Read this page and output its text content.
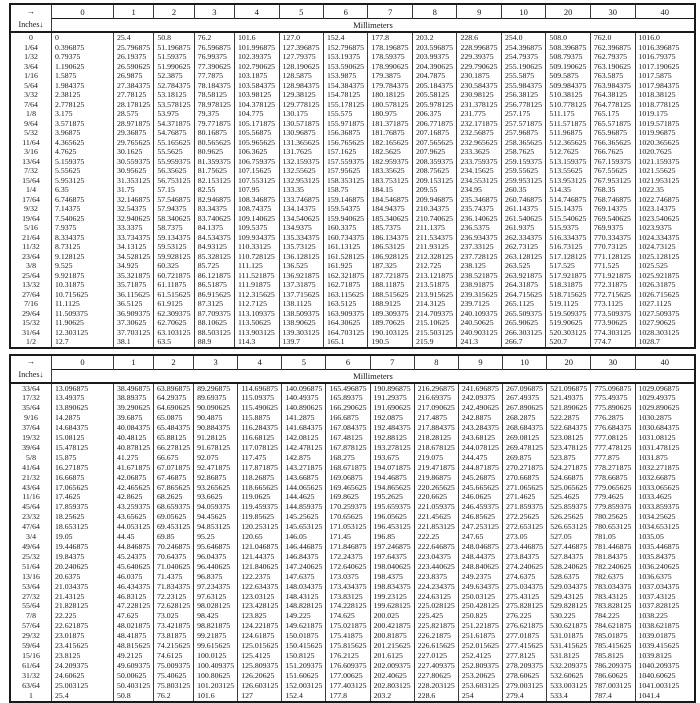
→
Inches↓	0	1	2	3	4	5	6	7	8	9	10	20	30	40
	Millimeters													
0	0	25.4	50.8	76.2	101.6	127.0	152.4	177.8	203.2	228.6	254.0	508.0	762.0	1016.0
1/64	0.396875	25.796875	51.196875	76.596875	101.996875	127.396875	152.796875	178.196875	203.596875	228.996875	254.396875	508.396875	762.396875	1016.396875
1/32	0.79375	26.19375	51.59375	76.99375	102.39375	127.79375	153.19375	178.59375	203.99375	229.39375	254.79375	508.79375	762.79375	1016.79375
3/64	1.190625	26.590625	51.990625	77.390625	102.790625	128.190625	153.590625	178.990625	204.390625	229.790625	255.190625	509.190625	763.190625	1017.190625
1/16	1.5875	26.9875	52.3875	77.7875	103.1875	128.5875	153.9875	179.3875	204.7875	230.1875	255.5875	509.5875	763.5875	1017.5875
5/64	1.984375	27.384375	52.784375	78.184375	103.584375	128.984375	154.384375	179.784375	205.184375	230.584375	255.984375	509.984375	763.984375	1017.984375
3/32	2.38125	27.78125	53.18125	78.58125	103.98125	129.38125	154.78125	180.18125	205.58125	230.98125	256.38125	510.38125	764.38125	1018.38125
7/64	2.778125	28.178125	53.578125	78.978125	104.378125	129.778125	155.178125	180.578125	205.978125	231.378125	256.778125	510.778125	764.778125	1018.778125
1/8	3.175	28.575	53.975	79.375	104.775	130.175	155.575	180.975	206.375	231.775	257.175	511.175	765.175	1019.175
9/64	3.571875	28.971875	54.371875	79.771875	105.171875	130.571875	155.971875	181.371875	206.771875	232.171875	257.571875	511.571875	765.571875	1019.571875
5/32	3.96875	29.36875	54.76875	80.16875	105.56875	130.96875	156.36875	181.76875	207.16875	232.56875	257.96875	511.96875	765.96875	1019.96875
11/64	4.365625	29.765625	55.165625	80.565625	105.965625	131.365625	156.765625	182.165625	207.565625	232.965625	258.365625	512.365625	766.365625	1020.365625
3/16	4.7625	30.1625	55.5625	80.9625	106.3625	131.7625	157.1625	182.5625	207.9625	233.3625	258.7625	512.7625	766.7625	1020.7625
13/64	5.159375	30.559375	55.959375	81.359375	106.759375	132.159375	157.559375	182.959375	208.359375	233.759375	259.159375	513.159375	767.159375	1021.159375
7/32	5.55625	30.95625	56.35625	81.75625	107.15625	132.55625	157.95625	183.35625	208.75625	234.15625	259.55625	513.55625	767.55625	1021.55625
15/64	5.953125	31.353125	56.753125	82.153125	107.553125	132.953125	158.353125	183.753125	209.153125	234.553125	259.953125	513.953125	767.953125	1021.953125
1/4	6.35	31.75	57.15	82.55	107.95	133.35	158.75	184.15	209.55	234.95	260.35	514.35	768.35	1022.35
17/64	6.746875	32.146875	57.546875	82.946875	108.346875	133.746875	159.146875	184.546875	209.946875	235.346875	260.746875	514.746875	768.746875	1022.746875
9/32	7.14375	32.54375	57.94375	83.34375	108.74375	134.14375	159.54375	184.94375	210.34375	235.74375	261.14375	515.14375	769.14375	1023.14375
19/64	7.540625	32.940625	58.340625	83.740625	109.140625	134.540625	159.940625	185.340625	210.740625	236.140625	261.540625	515.540625	769.540625	1023.540625
5/16	7.9375	33.3375	58.7375	84.1375	109.5375	134.9375	160.3375	185.7375	211.1375	236.5375	261.9375	515.9375	769.9375	1023.9375
21/64	8.334375	33.734375	59.134375	84.534375	109.934375	135.334375	160.734375	186.134375	211.534375	236.934375	262.334375	516.334375	770.334375	1024.334375
11/32	8.73125	34.13125	59.53125	84.93125	110.33125	135.73125	161.13125	186.53125	211.93125	237.33125	262.73125	516.73125	770.73125	1024.73125
23/64	9.128125	34.528125	59.928125	85.328125	110.728125	136.128125	161.528125	186.928125	212.328125	237.728125	263.128125	517.128125	771.128125	1025.128125
3/8	9.525	34.925	60.325	85.725	111.125	136.525	161.925	187.325	212.725	238.125	263.525	517.525	771.525	1025.525
25/64	9.921875	35.321875	60.721875	86.121875	111.521875	136.921875	162.321875	187.721875	213.121875	238.521875	263.921875	517.921875	771.921875	1025.921875
13/32	10.31875	35.71875	61.11875	86.51875	111.91875	137.31875	162.71875	188.11875	213.51875	238.91875	264.31875	518.31875	772.31875	1026.31875
27/64	10.715625	36.115625	61.515625	86.915625	112.315625	137.715625	163.115625	188.515625	213.915625	239.315625	264.715625	518.715625	772.715625	1026.715625
7/16	11.1125	36.5125	61.9125	87.3125	112.7125	138.1125	163.5125	188.9125	214.3125	239.7125	265.1125	519.1125	773.1125	1027.1125
29/64	11.509375	36.909375	62.309375	87.709375	113.109375	138.509375	163.909375	189.309375	214.709375	240.109375	265.509375	519.509375	773.509375	1027.509375
15/32	11.90625	37.30625	62.70625	88.10625	113.50625	138.90625	164.30625	189.70625	215.10625	240.50625	265.90625	519.90625	773.90625	1027.90625
31/64	12.303125	37.703125	63.103125	88.503125	113.903125	139.303125	164.703125	190.103125	215.503125	240.903125	266.303125	520.303125	774.303125	1028.303125
1/2	12.7	38.1	63.5	88.9	114.3	139.7	165.1	190.5	215.9	241.3	266.7	520.7	774.7	1028.7
→
Inches↓	0	1	2	3	4	5	6	7	8	9	10	20	30	40
	Millimeters													
33/64	13.096875	38.496875	63.896875	89.296875	114.696875	140.096875	165.496875	190.896875	216.296875	241.696875	267.096875	521.096875	775.096875	1029.096875
17/32	13.49375	38.89375	64.29375	89.69375	115.09375	140.49375	165.89375	191.29375	216.69375	242.09375	267.49375	521.49375	775.49375	1029.49375
35/64	13.890625	39.290625	64.690625	90.090625	115.490625	140.890625	166.290625	191.690625	217.090625	242.490625	267.890625	521.890625	775.890625	1029.890625
9/16	14.2875	39.6875	65.0875	90.4875	115.8875	141.2875	166.6875	192.0875	217.4875	242.8875	268.2875	522.2875	776.2875	1030.2875
37/64	14.684375	40.084375	65.484375	90.884375	116.284375	141.684375	167.084375	192.484375	217.884375	243.284375	268.684375	522.684375	776.684375	1030.684375
19/32	15.08125	40.48125	65.88125	91.28125	116.68125	142.08125	167.48125	192.88125	218.28125	243.68125	269.08125	523.08125	777.08125	1031.08125
39/64	15.478125	40.878125	66.278125	91.678125	117.078125	142.478125	167.878125	193.278125	218.678125	244.078125	269.478125	523.478125	777.478125	1031.478125
5/8	15.875	41.275	66.675	92.075	117.475	142.875	168.275	193.675	219.075	244.475	269.875	523.875	777.875	1031.875
41/64	16.271875	41.671875	67.071875	92.471875	117.871875	143.271875	168.671875	194.071875	219.471875	244.871875	270.271875	524.271875	778.271875	1032.271875
21/32	16.66875	42.06875	67.46875	92.86875	118.26875	143.66875	169.06875	194.46875	219.86875	245.26875	270.66875	524.66875	778.66875	1032.66875
43/64	17.065625	42.465625	67.865625	93.265625	118.665625	144.065625	169.465625	194.865625	220.265625	245.665625	271.065625	525.065625	779.065625	1033.065625
11/16	17.4625	42.8625	68.2625	93.6625	119.0625	144.4625	169.8625	195.2625	220.6625	246.0625	271.4625	525.4625	779.4625	1033.4625
45/64	17.859375	43.259375	68.659375	94.059375	119.459375	144.859375	170.259375	195.659375	221.059375	246.459375	271.859375	525.859375	779.859375	1033.859375
23/32	18.25625	43.65625	69.05625	94.45625	119.85625	145.25625	170.65625	196.05625	221.45625	246.85625	272.25625	526.25625	780.25625	1034.25625
47/64	18.653125	44.053125	69.453125	94.853125	120.253125	145.653125	171.053125	196.453125	221.853125	247.253125	272.653125	526.653125	780.653125	1034.653125
3/4	19.05	44.45	69.85	95.25	120.65	146.05	171.45	196.85	222.25	247.65	273.05	527.05	781.05	1035.05
49/64	19.446875	44.846875	70.246875	95.646875	121.046875	146.446875	171.846875	197.246875	222.646875	248.046875	273.446875	527.446875	781.446875	1035.446875
25/32	19.84375	45.24375	70.64375	96.04375	121.44375	146.84375	172.24375	197.64375	223.04375	248.44375	273.84375	527.84375	781.84375	1035.84375
51/64	20.240625	45.640625	71.040625	96.440625	121.840625	147.240625	172.640625	198.040625	223.440625	248.840625	274.240625	528.240625	782.240625	1036.240625
13/16	20.6375	46.0375	71.4375	96.8375	122.2375	147.6375	173.0375	198.4375	223.8375	249.2375	274.6375	528.6375	782.6375	1036.6375
53/64	21.034375	46.434375	71.834375	97.234375	122.634375	148.034375	173.434375	198.834375	224.234375	249.634375	275.034375	529.034375	783.034375	1037.034375
27/32	21.43125	46.83125	72.23125	97.63125	123.03125	148.43125	173.83125	199.23125	224.63125	250.03125	275.43125	529.43125	783.43125	1037.43125
55/64	21.828125	47.228125	72.628125	98.028125	123.428125	148.828125	174.228125	199.628125	225.028125	250.428125	275.828125	529.828125	783.828125	1037.828125
7/8	22.225	47.625	73.025	98.425	123.825	149.225	174.625	200.025	225.425	250.825	276.225	530.225	784.225	1038.225
57/64	22.621875	48.021875	73.421875	98.821875	124.221875	149.621875	175.021875	200.421875	225.821875	251.221875	276.621875	530.621875	784.621875	1038.621875
29/32	23.01875	48.41875	73.81875	99.21875	124.61875	150.01875	175.41875	200.81875	226.21875	251.61875	277.01875	531.01875	785.01875	1039.01875
59/64	23.415625	48.815625	74.215625	99.615625	125.015625	150.415625	175.815625	201.215625	226.615625	252.015625	277.415625	531.415625	785.415625	1039.415625
15/16	23.8125	49.2125	74.6125	100.0125	125.4125	150.8125	176.2125	201.6125	227.0125	252.4125	277.8125	531.8125	785.8125	1039.8125
61/64	24.209375	49.609375	75.009375	100.409375	125.809375	151.209375	176.609375	202.009375	227.409375	252.809375	278.209375	532.209375	786.209375	1040.209375
31/32	24.60625	50.00625	75.40625	100.80625	126.20625	151.60625	177.00625	202.40625	227.80625	253.20625	278.60625	532.60625	786.60625	1040.60625
63/64	25.003125	50.403125	75.803125	101.203125	126.603125	152.003125	177.403125	202.803125	228.203125	253.603125	279.003125	533.003125	787.003125	1041.003125
1	25.4	50.8	76.2	101.6	127	152.4	177.8	203.2	228.6	254	279.4	533.4	787.4	1041.4
